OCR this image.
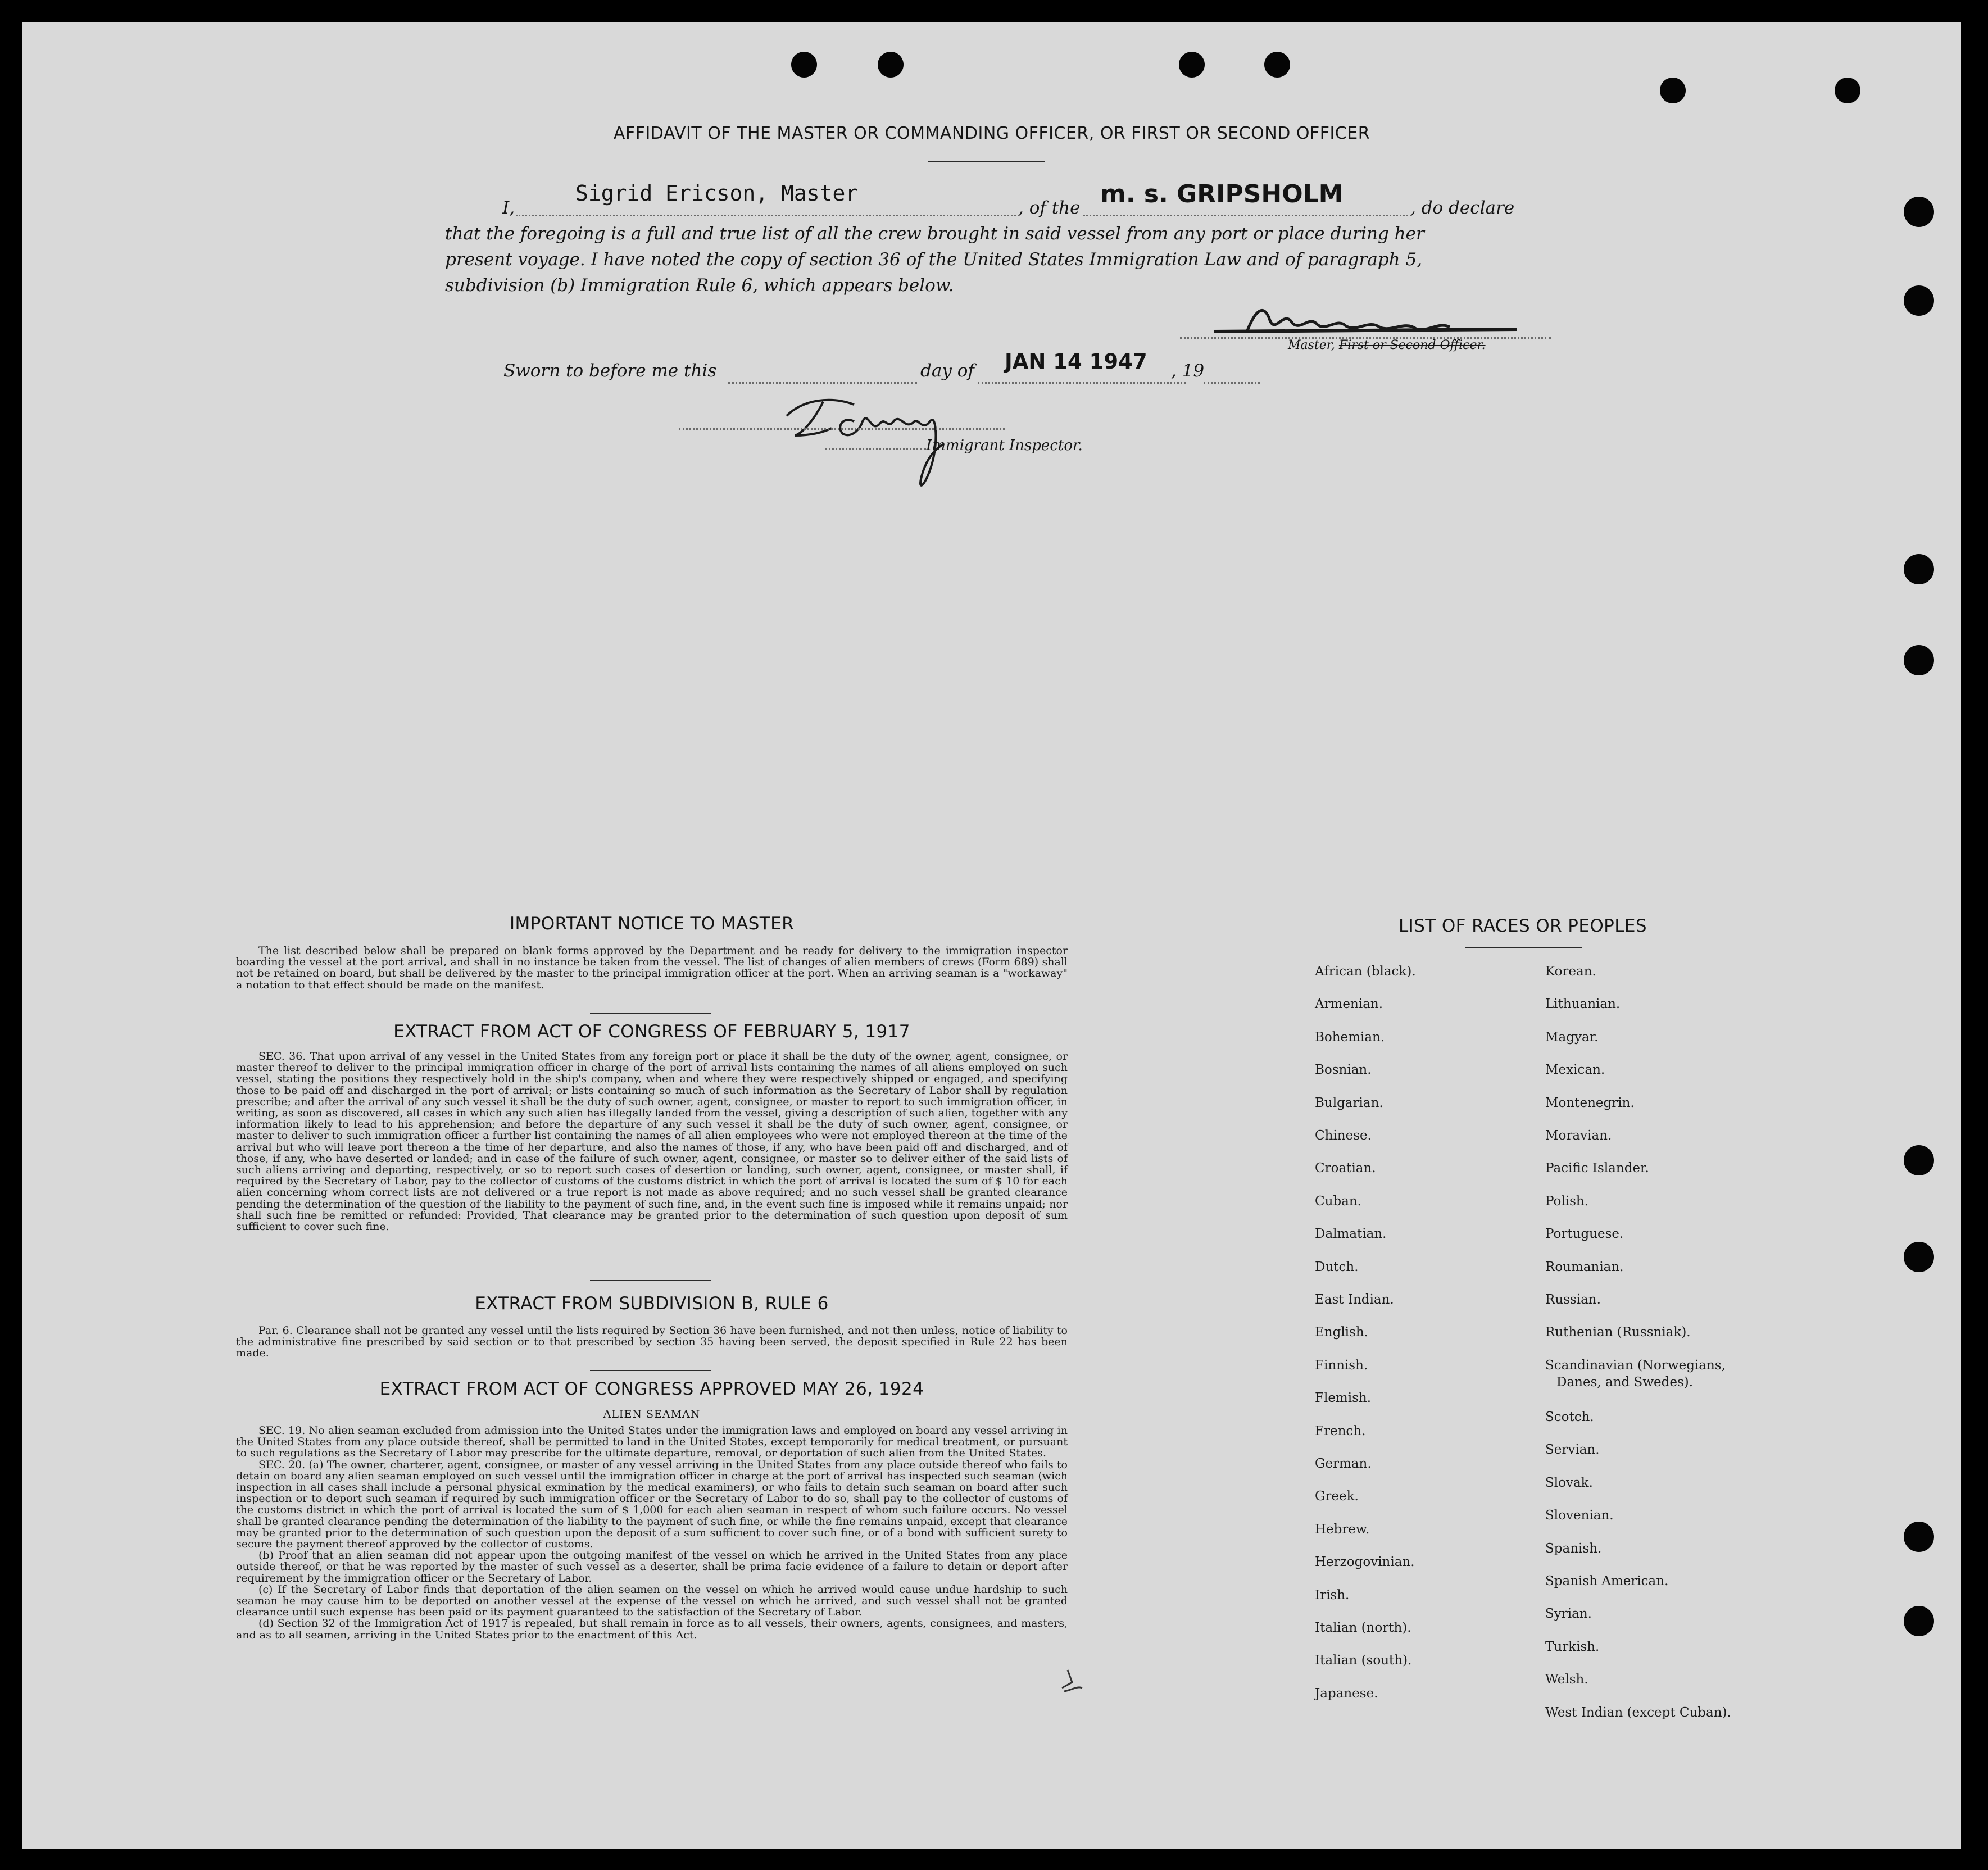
AFFIDAVIT OF THE MASTER OR COMMANDING OFFICER, OR FIRST OR SECOND OFFICER
I,
Sigrid Ericson, Master
, of the m. s. GRIPSHOLM	, do declare
that the foregoing is a full and true list of all the crew brought in said vessel from any port or place during her
present voyage. I have noted the copy of section 36 of the United States Immigration Law and of paragraph 5,
subdivision (b) Immigration Rule 6, which appears below.
Ericson
Master, First or Second Officer.
Sworn to before me this	day of JAN 14 1947 , 19
Immigrant Inspector.
IMPORTANT NOTICE TO MASTER
The list described below shall be prepared on blank forms approved by the Department and be ready for delivery to the immigration inspector boarding the vessel at the port arrival, and shall in no instance be taken from the vessel. The list of changes of alien members of crews (Form 689) shall not be retained on board, but shall be delivered by the master to the principal immigration officer at the port. When an arriving seaman is a "workaway" a notation to that effect should be made on the manifest.
EXTRACT FROM ACT OF CONGRESS OF FEBRUARY 5, 1917
SEC. 36. That upon arrival of any vessel in the United States from any foreign port or place it shall be the duty of the owner, agent, consignee, or master thereof to deliver to the principal immigration officer in charge of the port of arrival lists containing the names of all aliens employed on such vessel, stating the positions they respectively hold in the ship's company, when and where they were respectively shipped or engaged, and specifying those to be paid off and discharged in the port of arrival; or lists containing so much of such information as the Secretary of Labor shall by regulation prescribe; and after the arrival of any such vessel it shall be the duty of such owner, agent, consignee, or master to report to such immigration officer, in writing, as soon as discovered, all cases in which any such alien has illegally landed from the vessel, giving a description of such alien, together with any information likely to lead to his apprehension; and before the departure of any such vessel it shall be the duty of such owner, agent, consignee, or master to deliver to such immigration officer a further list containing the names of all alien employees who were not employed thereon at the time of the arrival but who will leave port thereon a the time of her departure, and also the names of those, if any, who have been paid off and discharged, and of those, if any, who have deserted or landed; and in case of the failure of such owner, agent, consignee, or master so to deliver either of the said lists of such aliens arriving and departing, respectively, or so to report such cases of desertion or landing, such owner, agent, consignee, or master shall, if required by the Secretary of Labor, pay to the collector of customs of the customs district in which the port of arrival is located the sum of $ 10 for each alien concerning whom correct lists are not delivered or a true report is not made as above required; and no such vessel shall be granted clearance pending the determination of the question of the liability to the payment of such fine, and, in the event such fine is imposed while it remains unpaid; nor shall such fine be remitted or refunded: Provided, That clearance may be granted prior to the determination of such question upon deposit of sum sufficient to cover such fine.
EXTRACT FROM SUBDIVISION B, RULE 6
Par. 6. Clearance shall not be granted any vessel until the lists required by Section 36 have been furnished, and not then unless, notice of liability to the administrative fine prescribed by said section or to that prescribed by section 35 having been served, the deposit specified in Rule 22 has been made.
EXTRACT FROM ACT OF CONGRESS APPROVED MAY 26, 1924
ALIEN SEAMAN
SEC. 19. No alien seaman excluded from admission into the United States under the immigration laws and employed on board any vessel arriving in the United States from any place outside thereof, shall be permitted to land in the United States, except temporarily for medical treatment, or pursuant to such regulations as the Secretary of Labor may prescribe for the ultimate departure, removal, or deportation of such alien from the United States.
SEC. 20. (a) The owner, charterer, agent, consignee, or master of any vessel arriving in the United States from any place outside thereof who fails to detain on board any alien seaman employed on such vessel until the immigration officer in charge at the port of arrival has inspected such seaman (wich inspection in all cases shall include a personal physical exmination by the medical examiners), or who fails to detain such seaman on board after such inspection or to deport such seaman if required by such immigration officer or the Secretary of Labor to do so, shall pay to the collector of customs of the customs district in which the port of arrival is located the sum of $ 1,000 for each alien seaman in respect of whom such failure occurs. No vessel shall be granted clearance pending the determination of the liability to the payment of such fine, or while the fine remains unpaid, except that clearance may be granted prior to the determination of such question upon the deposit of a sum sufficient to cover such fine, or of a bond with sufficient surety to secure the payment thereof approved by the collector of customs.
(b) Proof that an alien seaman did not appear upon the outgoing manifest of the vessel on which he arrived in the United States from any place outside thereof, or that he was reported by the master of such vessel as a deserter, shall be prima facie evidence of a failure to detain or deport after requirement by the immigration officer or the Secretary of Labor.
(c) If the Secretary of Labor finds that deportation of the alien seamen on the vessel on which he arrived would cause undue hardship to such seaman he may cause him to be deported on another vessel at the expense of the vessel on which he arrived, and such vessel shall not be granted clearance until such expense has been paid or its payment guaranteed to the satisfaction of the Secretary of Labor.
(d) Section 32 of the Immigration Act of 1917 is repealed, but shall remain in force as to all vessels, their owners, agents, consignees, and masters, and as to all seamen, arriving in the United States prior to the enactment of this Act.
LIST OF RACES OR PEOPLES
African (black).
Armenian.
Bohemian.
Bosnian.
Bulgarian.
Chinese.
Croatian.
Cuban.
Dalmatian.
Dutch.
East Indian.
English.
Finnish.
Flemish.
French.
German.
Greek.
Hebrew.
Herzogovinian.
Irish.
Italian (north).
Italian (south).
Japanese.
Korean.
Lithuanian.
Magyar.
Mexican.
Montenegrin.
Moravian.
Pacific Islander.
Polish.
Portuguese.
Roumanian.
Russian.
Ruthenian (Russniak).
Scandinavian (Norwegians,
Danes, and Swedes).
Scotch.
Servian.
Slovak.
Slovenian.
Spanish.
Spanish American.
Syrian.
Turkish.
Welsh.
West Indian (except Cuban).
